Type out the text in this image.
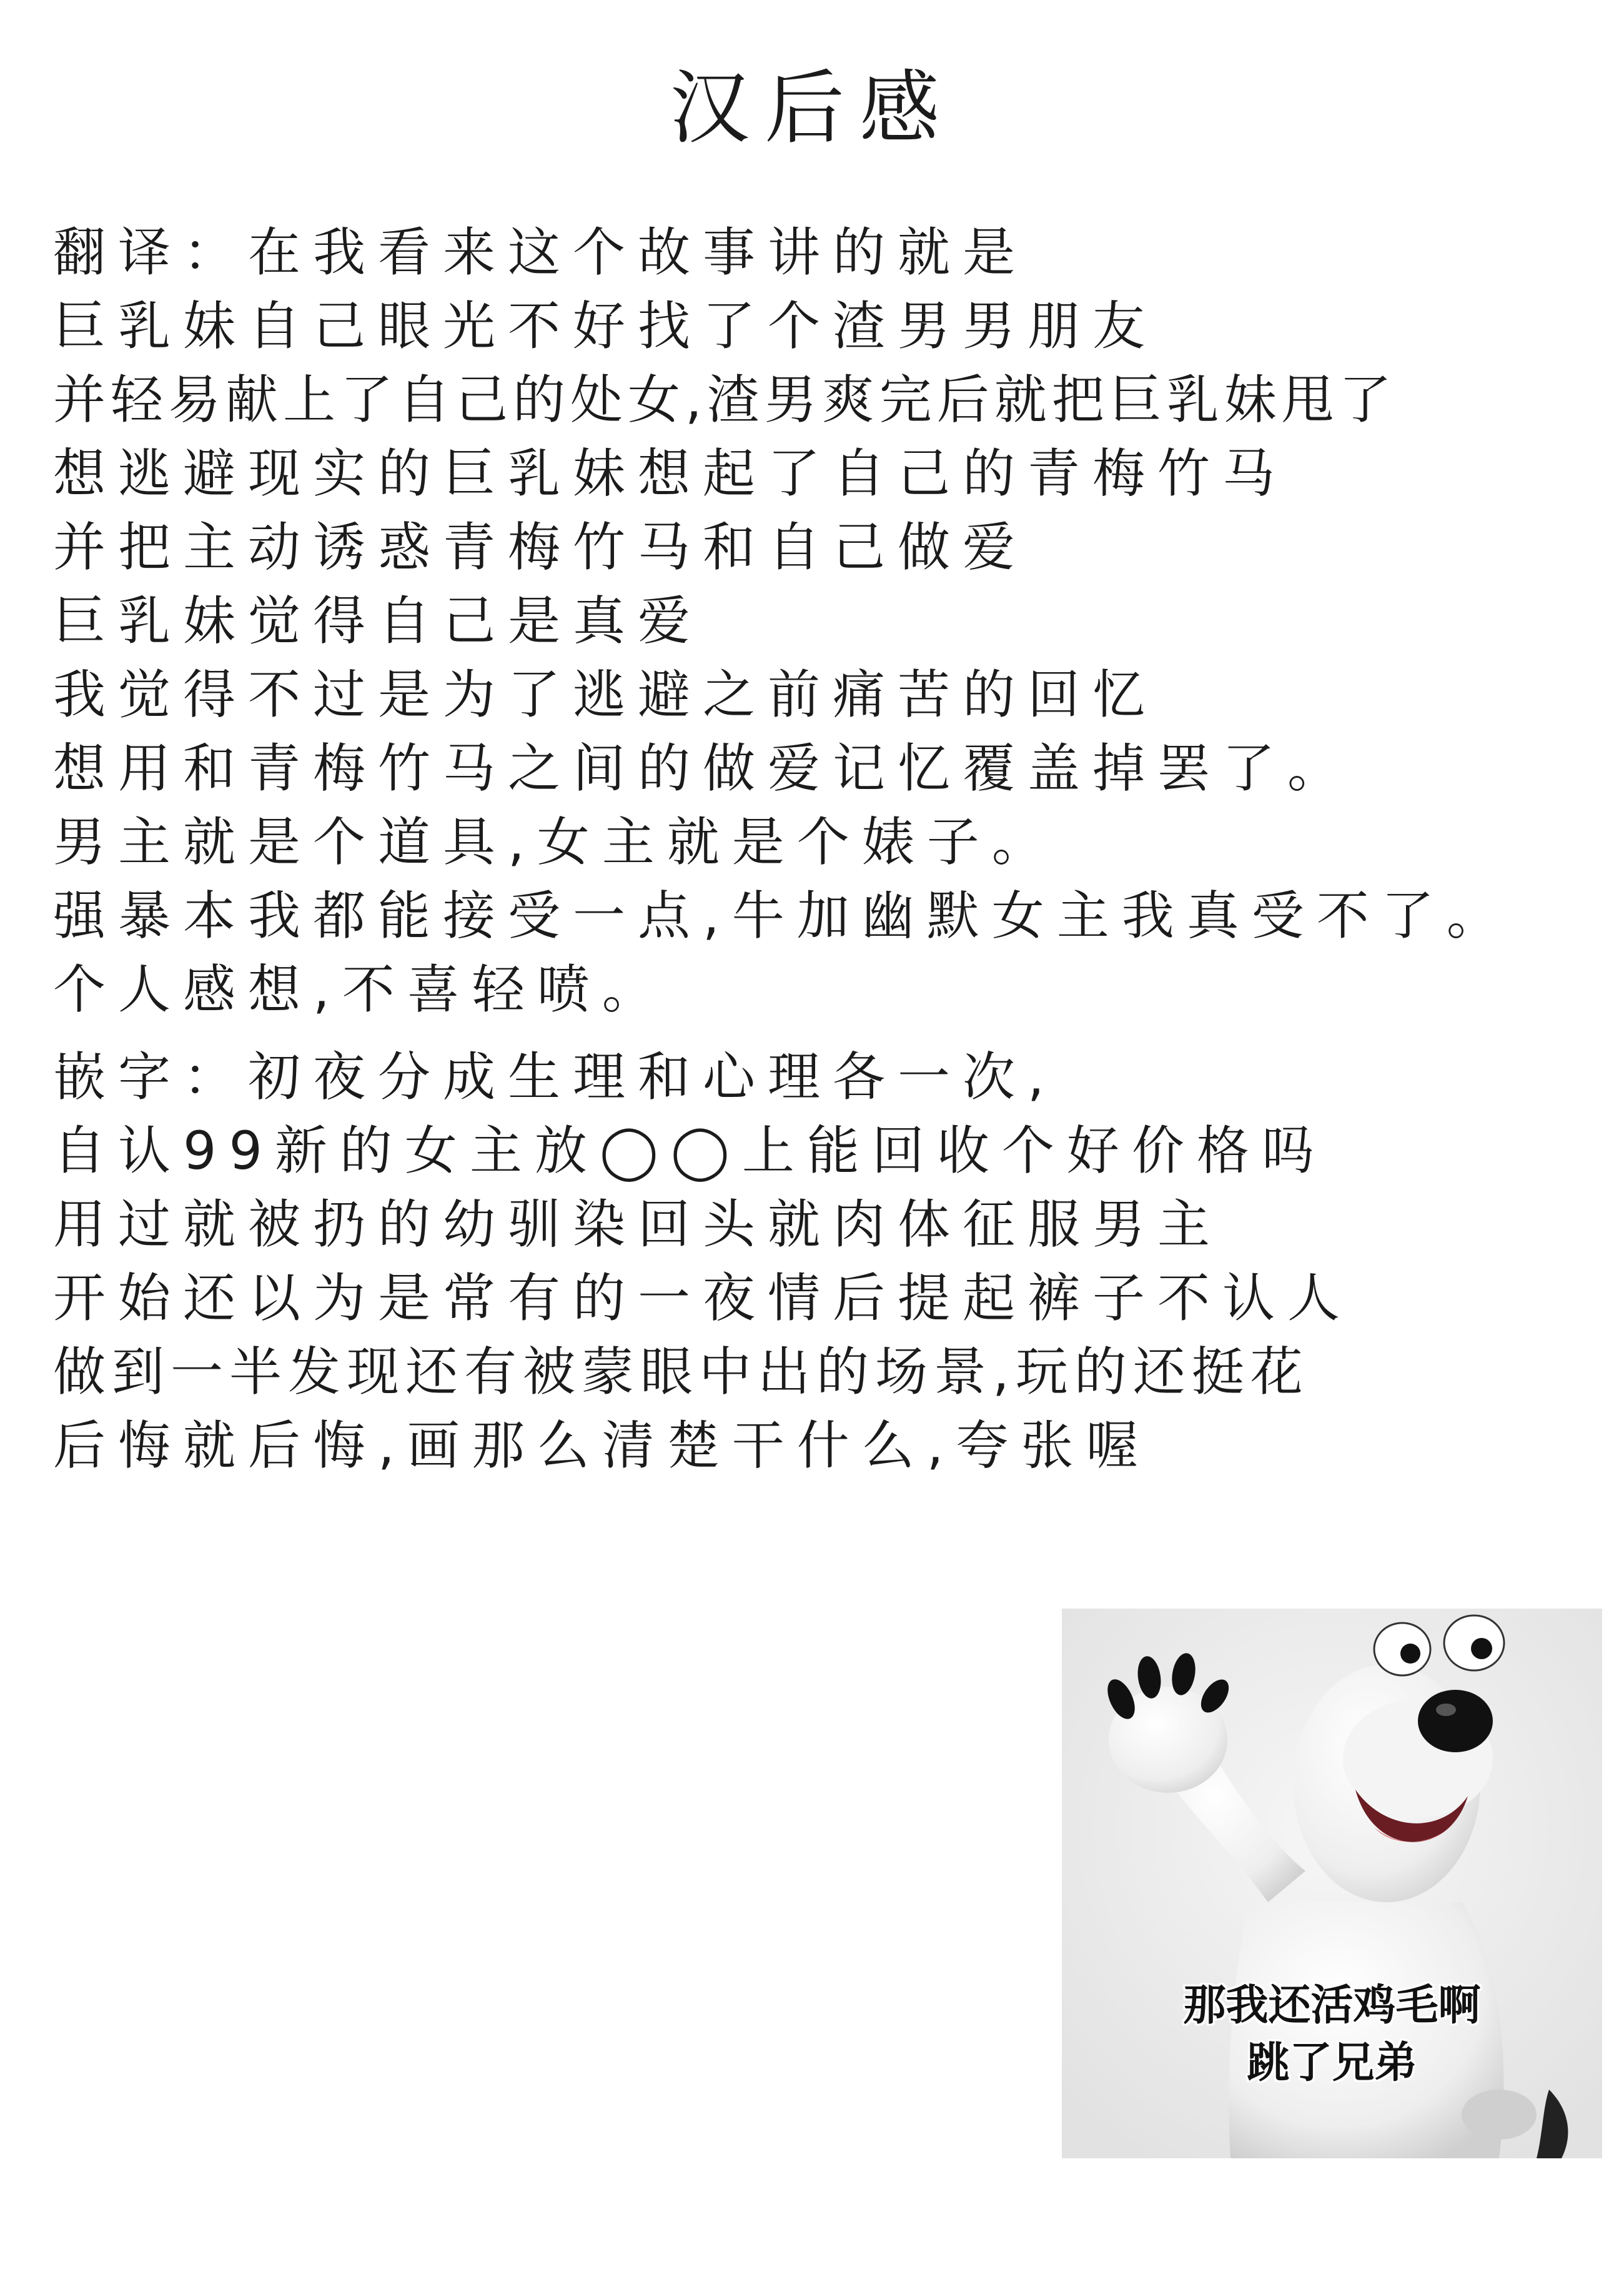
汉后感
翻译：在我看来这个故事讲的就是
巨乳妹自己眼光不好找了个渣男男朋友
并轻易献上了自己的处女,渣男爽完后就把巨乳妹甩了
想逃避现实的巨乳妹想起了自己的青梅竹马
并把主动诱惑青梅竹马和自己做爱
巨乳妹觉得自己是真爱
我觉得不过是为了逃避之前痛苦的回忆
想用和青梅竹马之间的做爱记忆覆盖掉罢了。
男主就是个道具,女主就是个婊子。
强暴本我都能接受一点,牛加幽默女主我真受不了。
个人感想,不喜轻喷。
嵌字：初夜分成生理和心理各一次,
自认99新的女主放◯◯上能回收个好价格吗
用过就被扔的幼驯染回头就肉体征服男主
开始还以为是常有的一夜情后提起裤子不认人
做到一半发现还有被蒙眼中出的场景,玩的还挺花
后悔就后悔,画那么清楚干什么,夸张喔
那我还活鸡毛啊
跳了兄弟
